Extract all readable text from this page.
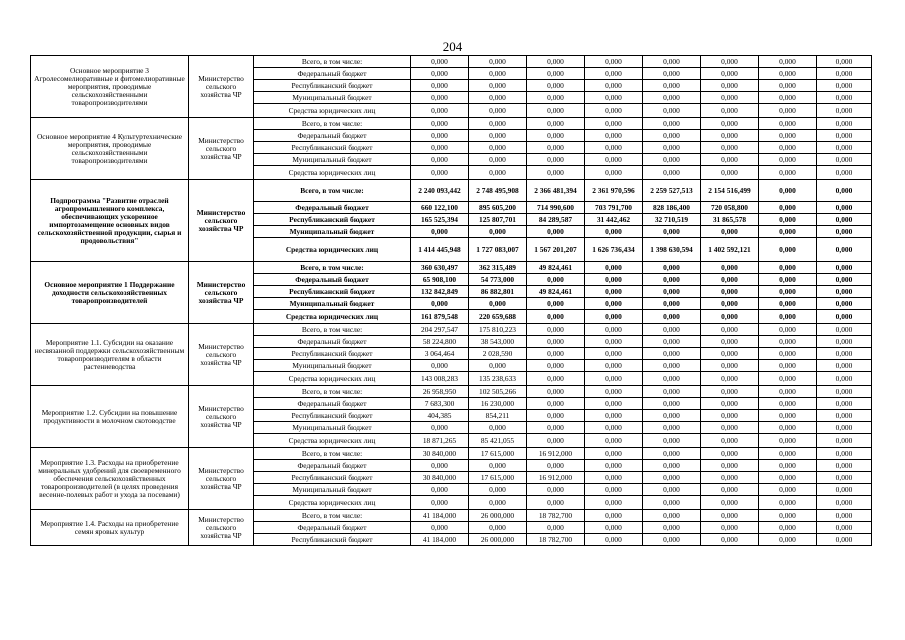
204
Основное мероприятие 3 Агролесомелиоративные и фитомелиоративные мероприятия, проводимые сельскохозяйственными товаропроизводителями	Министерство сельского хозяйства ЧР	Всего, в том числе:	0,000	0,000	0,000	0,000	0,000	0,000	0,000	0,000
		Федеральный бюджет	0,000	0,000	0,000	0,000	0,000	0,000	0,000	0,000
		Республиканский бюджет	0,000	0,000	0,000	0,000	0,000	0,000	0,000	0,000
		Муниципальный бюджет	0,000	0,000	0,000	0,000	0,000	0,000	0,000	0,000
		Средства юридических лиц	0,000	0,000	0,000	0,000	0,000	0,000	0,000	0,000
Основное мероприятие 4 Культуртехнические мероприятия, проводимые сельскохозяйственными товаропроизводителями	Министерство сельского хозяйства ЧР	Всего, в том числе:	0,000	0,000	0,000	0,000	0,000	0,000	0,000	0,000
		Федеральный бюджет	0,000	0,000	0,000	0,000	0,000	0,000	0,000	0,000
		Республиканский бюджет	0,000	0,000	0,000	0,000	0,000	0,000	0,000	0,000
		Муниципальный бюджет	0,000	0,000	0,000	0,000	0,000	0,000	0,000	0,000
		Средства юридических лиц	0,000	0,000	0,000	0,000	0,000	0,000	0,000	0,000
Подпрограмма "Развитие отраслей агропромышленного комплекса, обеспечивающих ускоренное импортозамещение основных видов сельскохозяйственной продукции, сырья и продовольствия"	Министерство сельского хозяйства ЧР	Всего, в том числе:	2 240 093,442	2 748 495,908	2 366 481,394	2 361 970,596	2 259 527,513	2 154 516,499	0,000	0,000
		Федеральный бюджет	660 122,100	895 605,200	714 990,600	703 791,700	828 186,400	720 058,800	0,000	0,000
		Республиканский бюджет	165 525,394	125 807,701	84 289,587	31 442,462	32 710,519	31 865,578	0,000	0,000
		Муниципальный бюджет	0,000	0,000	0,000	0,000	0,000	0,000	0,000	0,000
		Средства юридических лиц	1 414 445,948	1 727 083,007	1 567 201,207	1 626 736,434	1 398 630,594	1 402 592,121	0,000	0,000
Основное мероприятие 1 Поддержание доходности сельскохозяйственных товаропроизводителей	Министерство сельского хозяйства ЧР	Всего, в том числе:	360 630,497	362 315,489	49 824,461	0,000	0,000	0,000	0,000	0,000
		Федеральный бюджет	65 908,100	54 773,000	0,000	0,000	0,000	0,000	0,000	0,000
		Республиканский бюджет	132 842,849	86 882,801	49 824,461	0,000	0,000	0,000	0,000	0,000
		Муниципальный бюджет	0,000	0,000	0,000	0,000	0,000	0,000	0,000	0,000
		Средства юридических лиц	161 879,548	220 659,688	0,000	0,000	0,000	0,000	0,000	0,000
Мероприятие 1.1. Субсидии на оказание несвязанной поддержки сельскохозяйственным товаропроизводителям в области растениеводства	Министерство сельского хозяйства ЧР	Всего, в том числе:	204 297,547	175 810,223	0,000	0,000	0,000	0,000	0,000	0,000
		Федеральный бюджет	58 224,800	38 543,000	0,000	0,000	0,000	0,000	0,000	0,000
		Республиканский бюджет	3 064,464	2 028,590	0,000	0,000	0,000	0,000	0,000	0,000
		Муниципальный бюджет	0,000	0,000	0,000	0,000	0,000	0,000	0,000	0,000
		Средства юридических лиц	143 008,283	135 238,633	0,000	0,000	0,000	0,000	0,000	0,000
Мероприятие 1.2. Субсидии на повышение продуктивности в молочном скотоводстве	Министерство сельского хозяйства ЧР	Всего, в том числе:	26 958,950	102 505,266	0,000	0,000	0,000	0,000	0,000	0,000
		Федеральный бюджет	7 683,300	16 230,000	0,000	0,000	0,000	0,000	0,000	0,000
		Республиканский бюджет	404,385	854,211	0,000	0,000	0,000	0,000	0,000	0,000
		Муниципальный бюджет	0,000	0,000	0,000	0,000	0,000	0,000	0,000	0,000
		Средства юридических лиц	18 871,265	85 421,055	0,000	0,000	0,000	0,000	0,000	0,000
Мероприятие 1.3. Расходы на приобретение минеральных удобрений для своевременного обеспечения сельскохозяйственных товаропроизводителей (в целях проведения весенне-полевых работ и ухода за посевами)	Министерство сельского хозяйства ЧР	Всего, в том числе:	30 840,000	17 615,000	16 912,000	0,000	0,000	0,000	0,000	0,000
		Федеральный бюджет	0,000	0,000	0,000	0,000	0,000	0,000	0,000	0,000
		Республиканский бюджет	30 840,000	17 615,000	16 912,000	0,000	0,000	0,000	0,000	0,000
		Муниципальный бюджет	0,000	0,000	0,000	0,000	0,000	0,000	0,000	0,000
		Средства юридических лиц	0,000	0,000	0,000	0,000	0,000	0,000	0,000	0,000
Мероприятие 1.4. Расходы на приобретение семян яровых культур	Министерство сельского хозяйства ЧР	Всего, в том числе:	41 184,000	26 000,000	18 782,700	0,000	0,000	0,000	0,000	0,000
		Федеральный бюджет	0,000	0,000	0,000	0,000	0,000	0,000	0,000	0,000
		Республиканский бюджет	41 184,000	26 000,000	18 782,700	0,000	0,000	0,000	0,000	0,000
